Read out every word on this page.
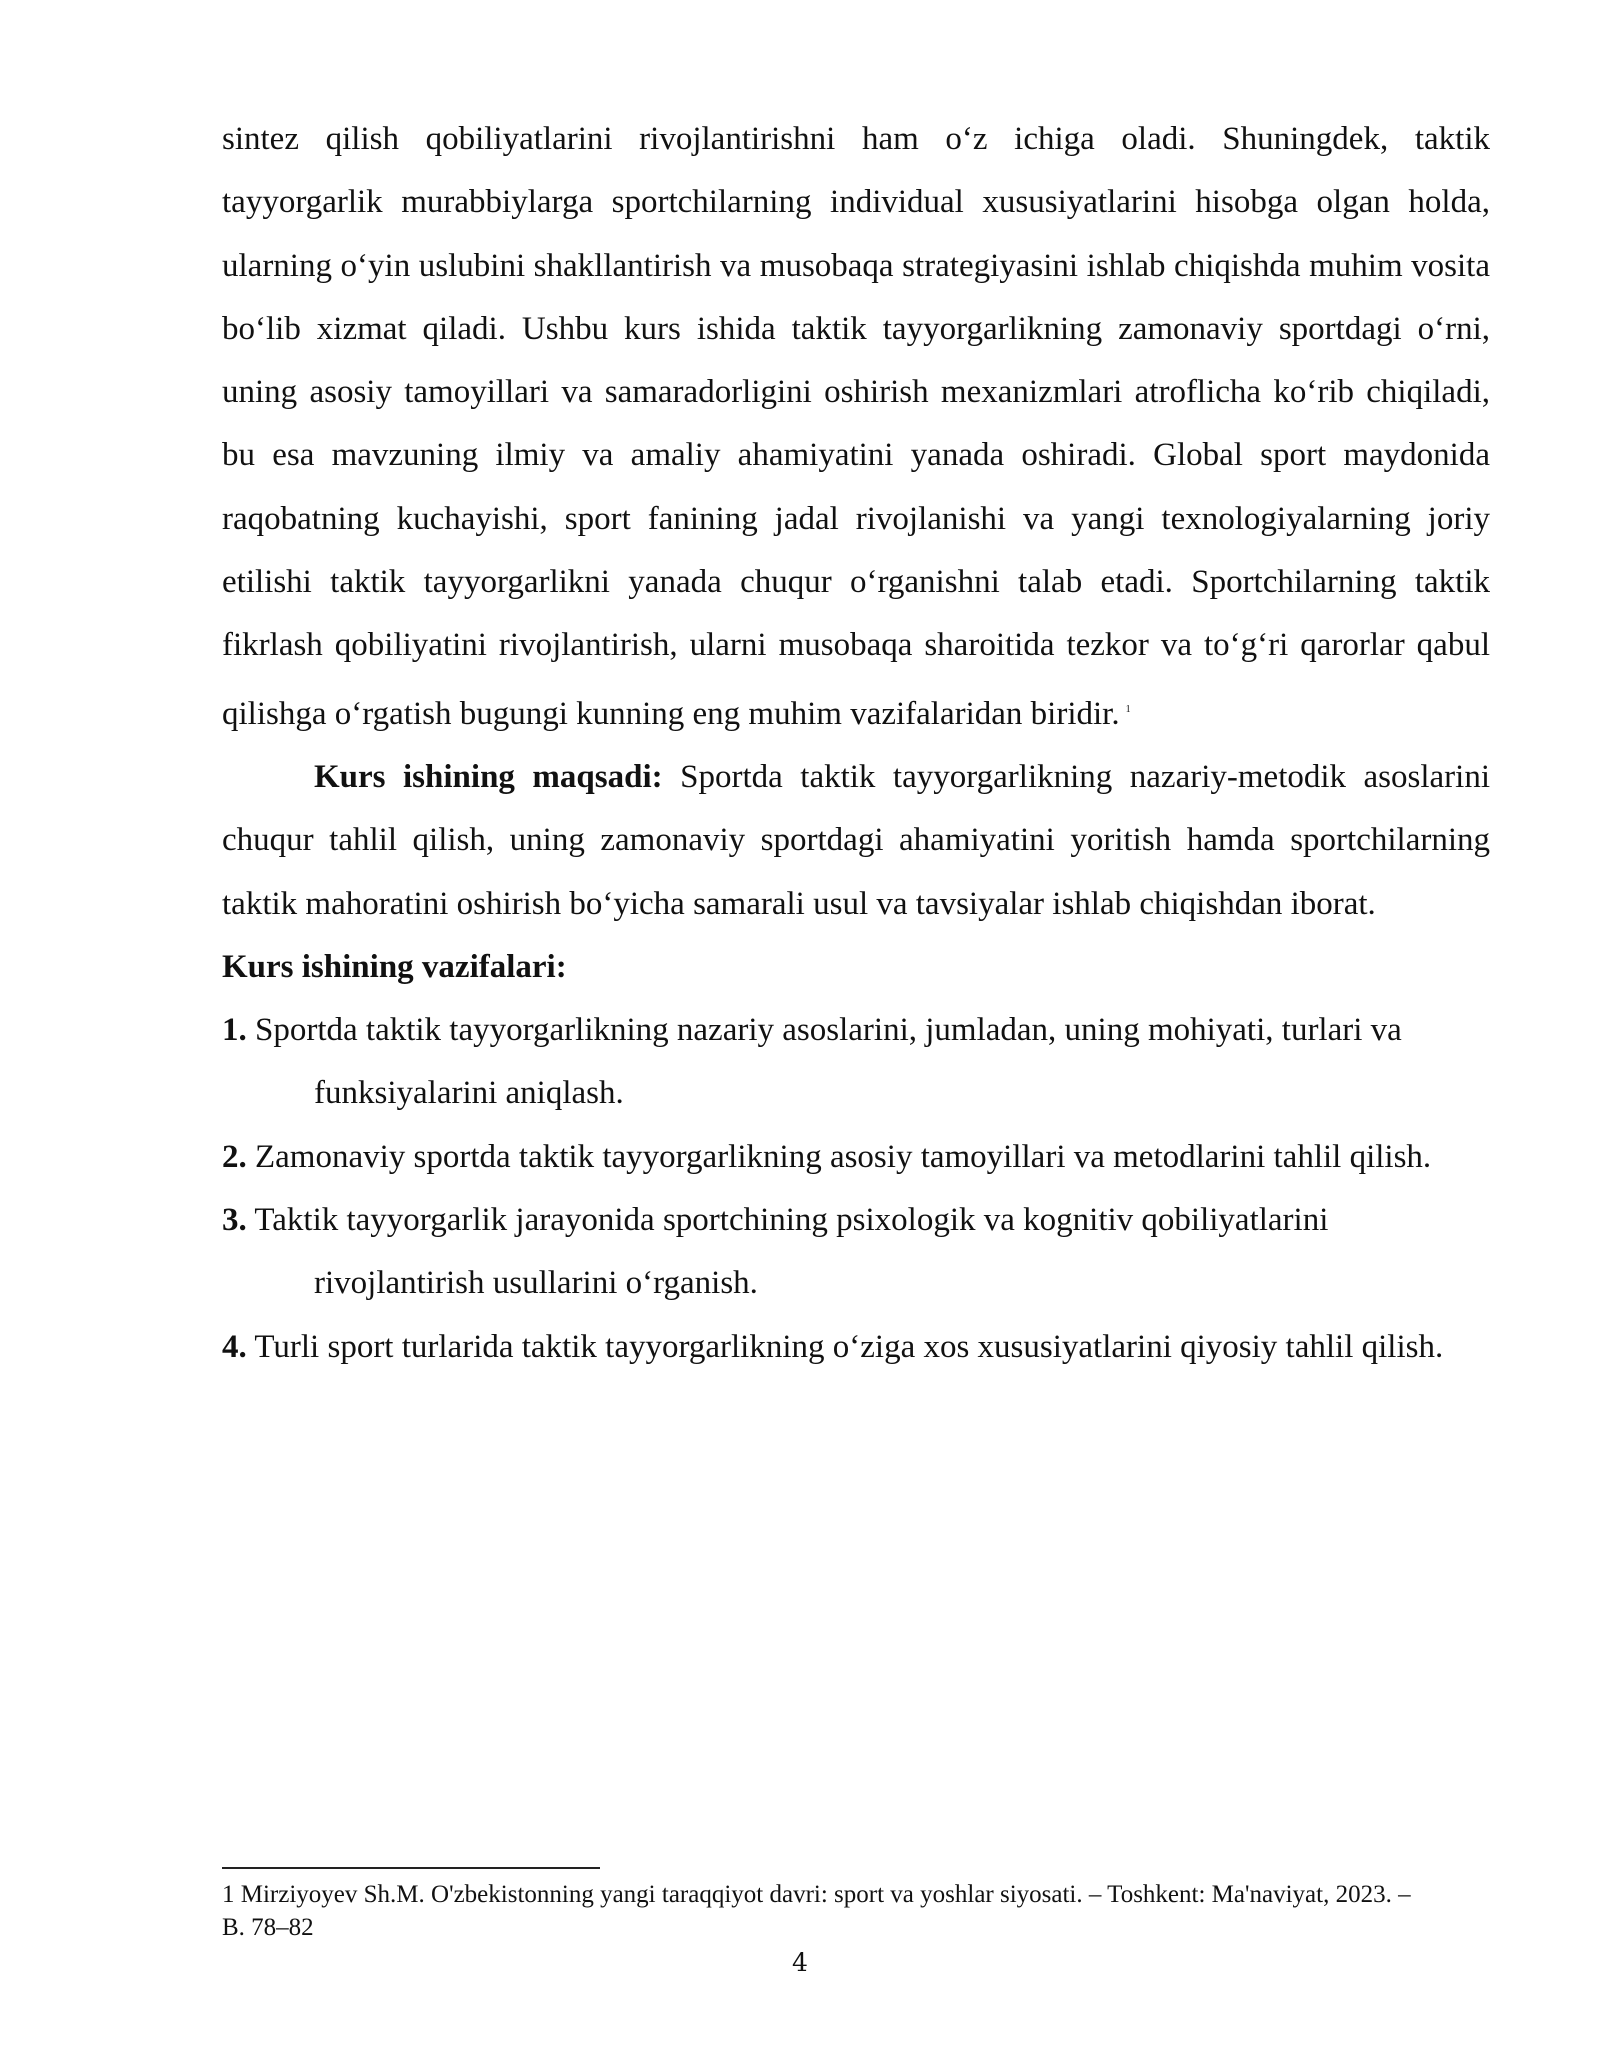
sintez qilish qobiliyatlarini rivojlantirishni ham o‘z ichiga oladi. Shuningdek, taktik tayyorgarlik murabbiylarga sportchilarning individual xususiyatlarini hisobga olgan holda, ularning o‘yin uslubini shakllantirish va musobaqa strategiyasini ishlab chiqishda muhim vosita bo‘lib xizmat qiladi. Ushbu kurs ishida taktik tayyorgarlikning zamonaviy sportdagi o‘rni, uning asosiy tamoyillari va samaradorligini oshirish mexanizmlari atroflicha ko‘rib chiqiladi, bu esa mavzuning ilmiy va amaliy ahamiyatini yanada oshiradi. Global sport maydonida raqobatning kuchayishi, sport fanining jadal rivojlanishi va yangi texnologiyalarning joriy etilishi taktik tayyorgarlikni yanada chuqur o‘rganishni talab etadi. Sportchilarning taktik fikrlash qobiliyatini rivojlantirish, ularni musobaqa sharoitida tezkor va to‘g‘ri qarorlar qabul qilishga o‘rgatish bugungi kunning eng muhim vazifalaridan biridir. $^1$

Kurs ishining maqsadi: Sportda taktik tayyorgarlikning nazariy-metodik asoslarini chuqur tahlil qilish, uning zamonaviy sportdagi ahamiyatini yoritish hamda sportchilarning taktik mahoratini oshirish bo‘yicha samarali usul va tavsiyalar ishlab chiqishdan iborat.

Kurs ishining vazifalari:

1. Sportda taktik tayyorgarlikning nazariy asoslarini, jumladan, uning mohiyati, turlari va funksiyalarini aniqlash.

2. Zamonaviy sportda taktik tayyorgarlikning asosiy tamoyillari va metodlarini tahlil qilish.

3. Taktik tayyorgarlik jarayonida sportchining psixologik va kognitiv qobiliyatlarini rivojlantirish usullarini o‘rganish.

4. Turli sport turlarida taktik tayyorgarlikning o‘ziga xos xususiyatlarini qiyosiy tahlil qilish.

1 Mirziyoyev Sh.M. O'zbekistonning yangi taraqqiyot davri: sport va yoshlar siyosati. – Toshkent: Ma'naviyat, 2023. – B. 78–82

4
